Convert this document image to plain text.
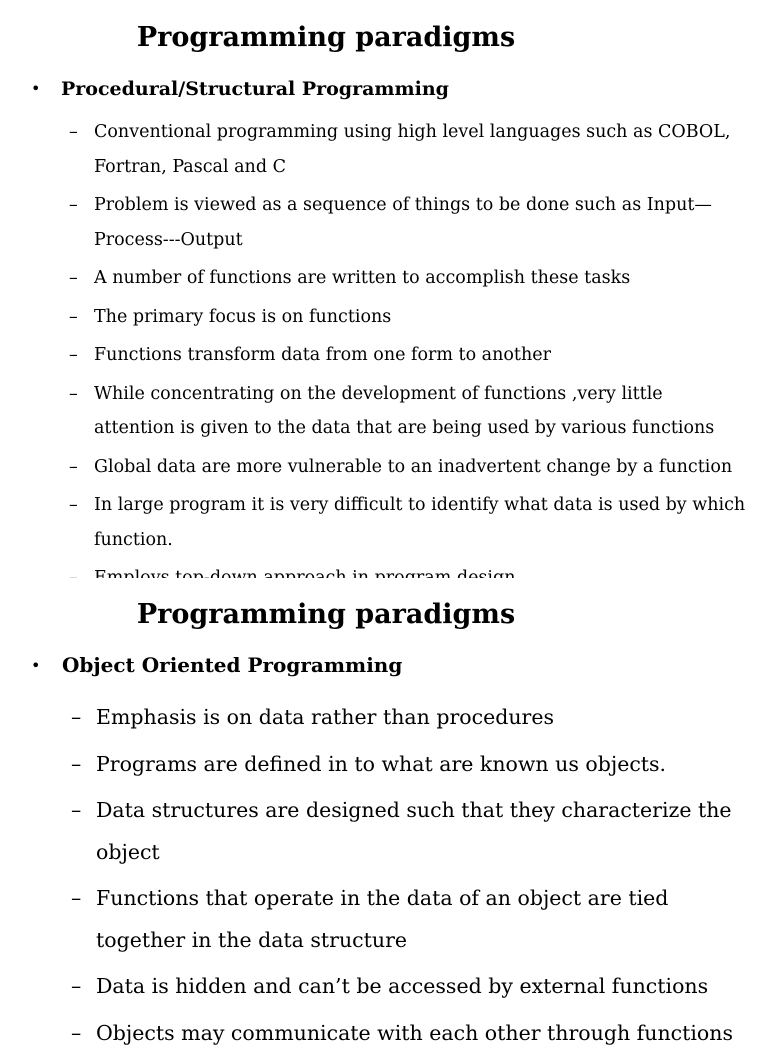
Programming paradigms
• Procedural/Structural Programming
– Conventional programming using high level languages such as COBOL, Fortran, Pascal and C
– Problem is viewed as a sequence of things to be done such as Input—Process---Output
– A number of functions are written to accomplish these tasks
– The primary focus is on functions
– Functions transform data from one form to another
– While concentrating on the development of functions ,very little attention is given to the data that are being used by various functions
– Global data are more vulnerable to an inadvertent change by a function
– In large program it is very difficult to identify what data is used by which function.
Programming paradigms
• Object Oriented Programming
– Emphasis is on data rather than procedures
– Programs are defined in to what are known us objects.
– Data structures are designed such that they characterize the object
– Functions that operate in the data of an object are tied together in the data structure
– Data is hidden and can’t be accessed by external functions
– Objects may communicate with each other through functions
